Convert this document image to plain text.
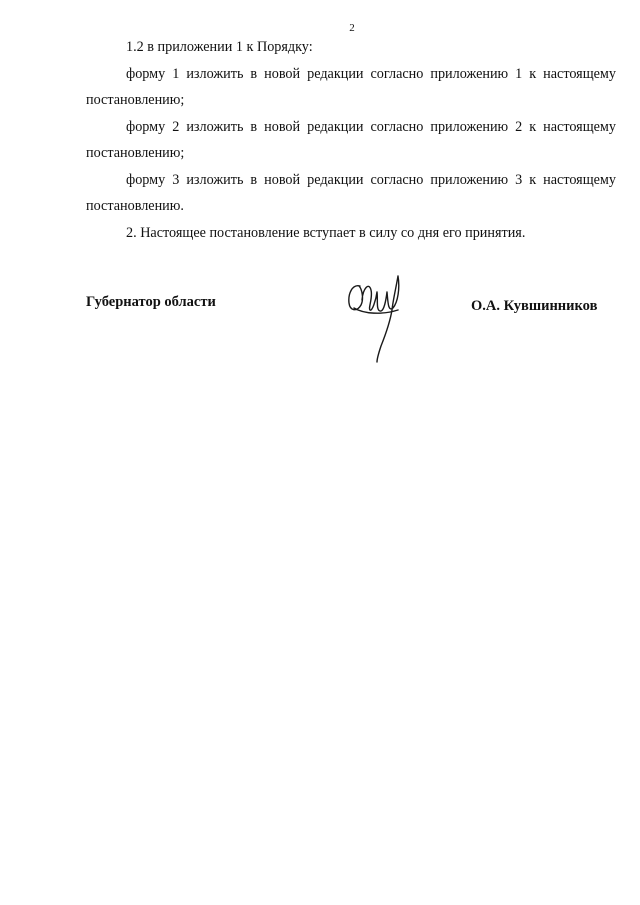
2

1.2 в приложении 1 к Порядку:

форму 1 изложить в новой редакции согласно приложению 1 к настоящему постановлению;

форму 2 изложить в новой редакции согласно приложению 2 к настоящему постановлению;

форму 3 изложить в новой редакции согласно приложению 3 к настоящему постановлению.

2. Настоящее постановление вступает в силу со дня его принятия.

Губернатор области	О.А. Кувшинников
